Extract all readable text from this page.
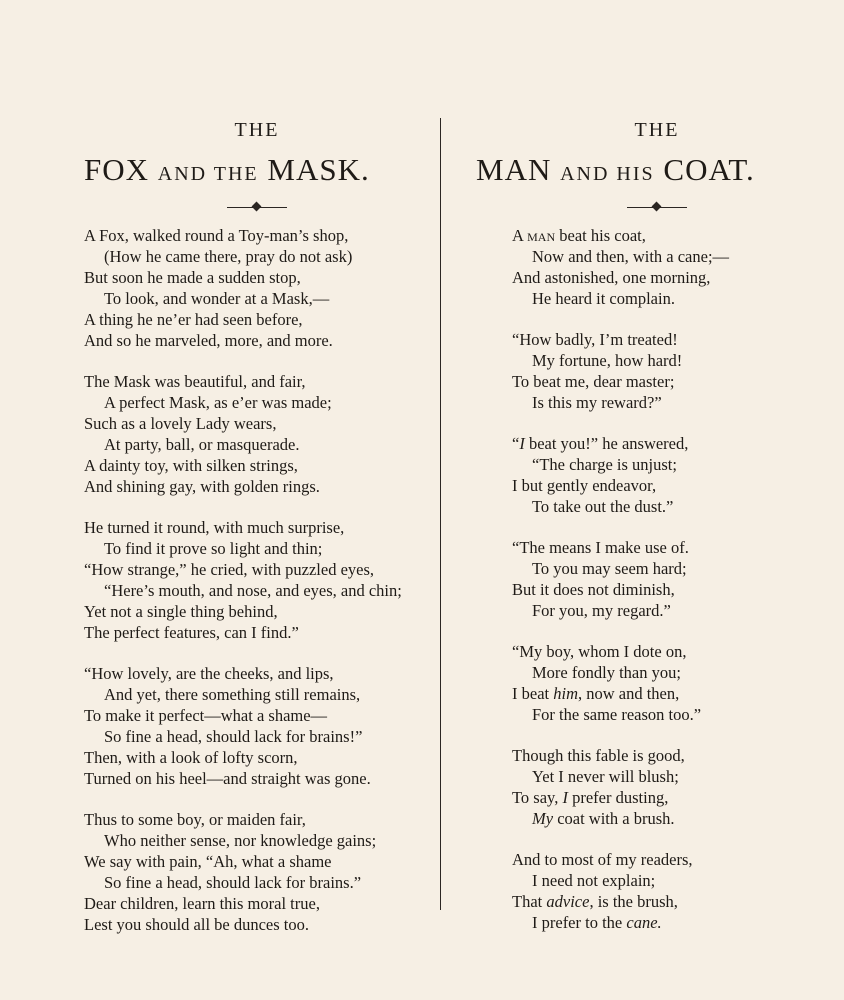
THE

FOX AND THE MASK.

A Fox, walked round a Toy-man’s shop,
(How he came there, pray do not ask)
But soon he made a sudden stop,
To look, and wonder at a Mask,—
A thing he ne’er had seen before,
And so he marveled, more, and more.
The Mask was beautiful, and fair,
A perfect Mask, as e’er was made;
Such as a lovely Lady wears,
At party, ball, or masquerade.
A dainty toy, with silken strings,
And shining gay, with golden rings.
He turned it round, with much surprise,
To find it prove so light and thin;
“How strange,” he cried, with puzzled eyes,
“Here’s mouth, and nose, and eyes, and chin;
Yet not a single thing behind,
The perfect features, can I find.”
“How lovely, are the cheeks, and lips,
And yet, there something still remains,
To make it perfect—what a shame—
So fine a head, should lack for brains!”
Then, with a look of lofty scorn,
Turned on his heel—and straight was gone.
Thus to some boy, or maiden fair,
Who neither sense, nor knowledge gains;
We say with pain, “Ah, what a shame
So fine a head, should lack for brains.”
Dear children, learn this moral true,
Lest you should all be dunces too.

THE

MAN AND HIS COAT.

A man beat his coat,
Now and then, with a cane;—
And astonished, one morning,
He heard it complain.
“How badly, I’m treated!
My fortune, how hard!
To beat me, dear master;
Is this my reward?”
“I beat you!” he answered,
“The charge is unjust;
I but gently endeavor,
To take out the dust.”
“The means I make use of.
To you may seem hard;
But it does not diminish,
For you, my regard.”
“My boy, whom I dote on,
More fondly than you;
I beat him, now and then,
For the same reason too.”
Though this fable is good,
Yet I never will blush;
To say, I prefer dusting,
My coat with a brush.
And to most of my readers,
I need not explain;
That advice, is the brush,
I prefer to the cane.
